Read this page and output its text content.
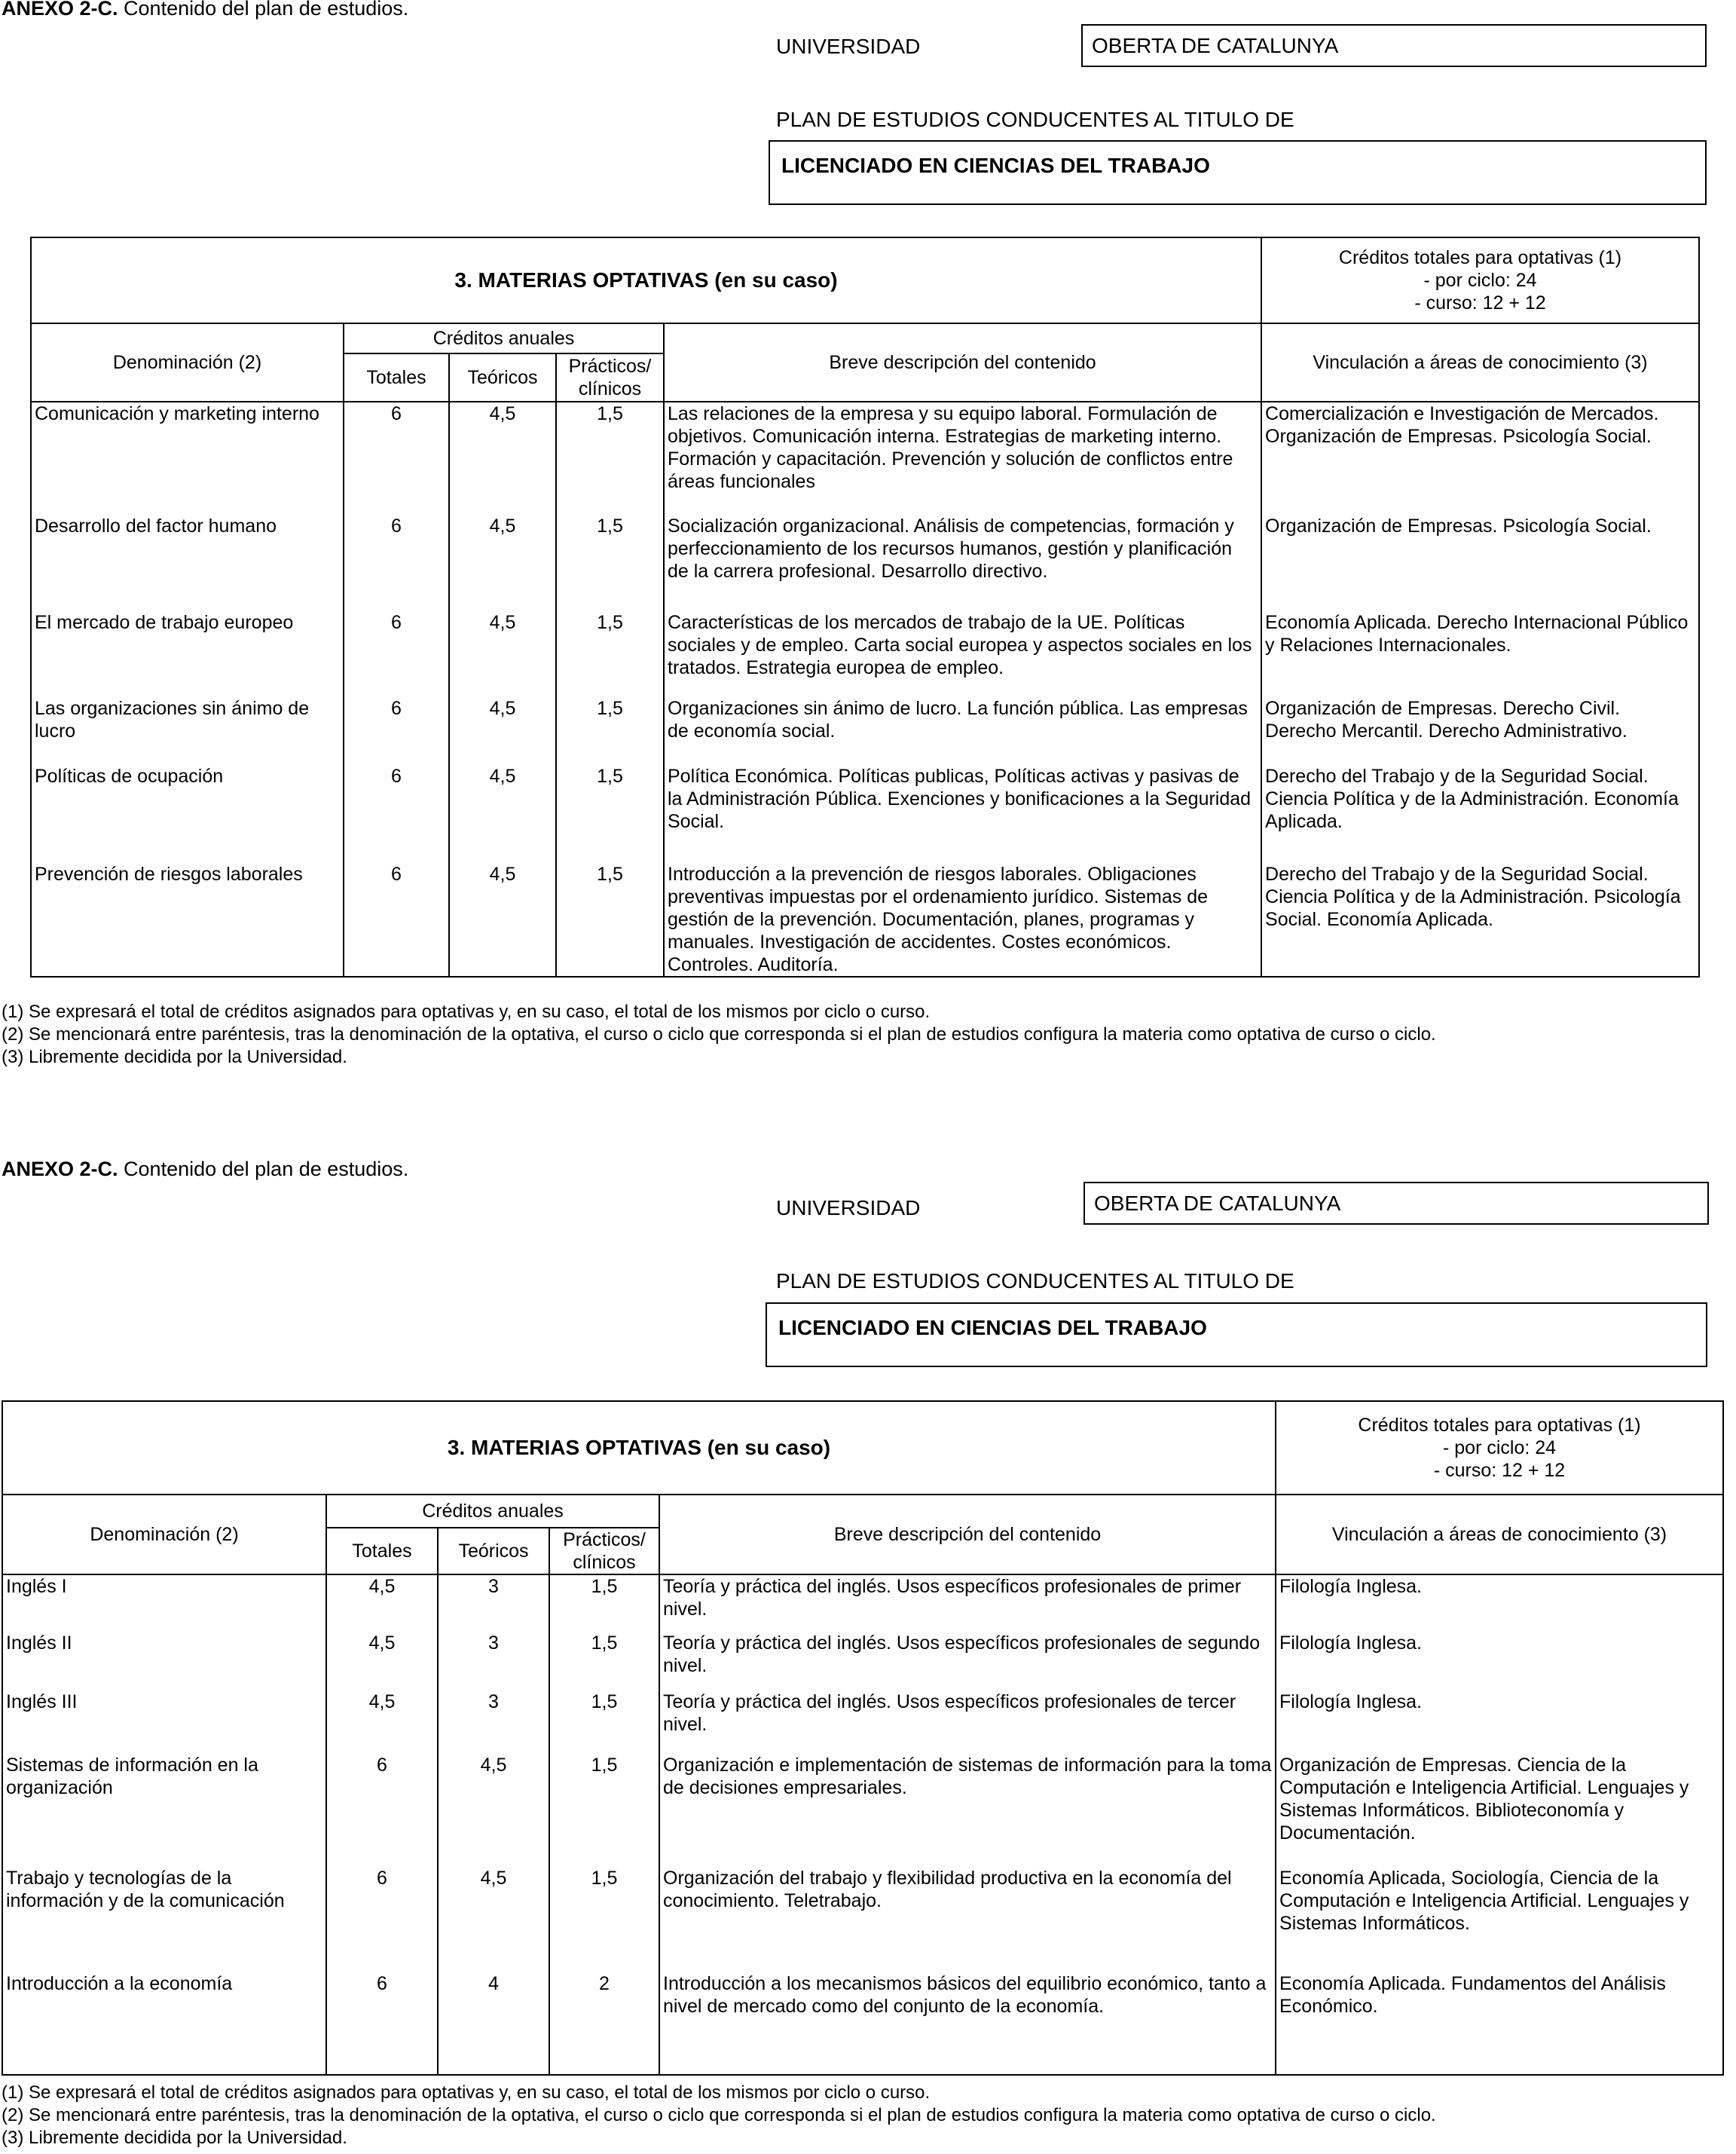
ANEXO 2-C. Contenido del plan de estudios.
UNIVERSIDAD	OBERTA DE CATALUNYA
PLAN DE ESTUDIOS CONDUCENTES AL TITULO DE
LICENCIADO EN CIENCIAS DEL TRABAJO
3. MATERIAS OPTATIVAS (en su caso)					Créditos totales para optativas (1)
- por ciclo: 24
- curso: 12 + 12

Denominación (2)	Créditos anuales			Breve descripción del contenido	Vinculación a áreas de conocimiento (3)
	Totales	Teóricos	Prácticos/ clínicos		
Comunicación y marketing interno	6	4,5	1,5	Las relaciones de la empresa y su equipo laboral. Formulación de objetivos. Comunicación interna. Estrategias de marketing interno. Formación y capacitación. Prevención y solución de conflictos entre áreas funcionales	Comercialización e Investigación de Mercados. Organización de Empresas. Psicología Social.
Desarrollo del factor humano	6	4,5	1,5	Socialización organizacional. Análisis de competencias, formación y perfeccionamiento de los recursos humanos, gestión y planificación de la carrera profesional. Desarrollo directivo.	Organización de Empresas. Psicología Social.
El mercado de trabajo europeo	6	4,5	1,5	Características de los mercados de trabajo de la UE. Políticas sociales y de empleo. Carta social europea y aspectos sociales en los tratados. Estrategia europea de empleo.	Economía Aplicada. Derecho Internacional Público y Relaciones Internacionales.
Las organizaciones sin ánimo de lucro	6	4,5	1,5	Organizaciones sin ánimo de lucro. La función pública. Las empresas de economía social.	Organización de Empresas. Derecho Civil. Derecho Mercantil. Derecho Administrativo.
Políticas de ocupación	6	4,5	1,5	Política Económica. Políticas publicas, Políticas activas y pasivas de la Administración Pública. Exenciones y bonificaciones a la Seguridad Social.	Derecho del Trabajo y de la Seguridad Social. Ciencia Política y de la Administración. Economía Aplicada.
Prevención de riesgos laborales	6	4,5	1,5	Introducción a la prevención de riesgos laborales. Obligaciones preventivas impuestas por el ordenamiento jurídico. Sistemas de gestión de la prevención. Documentación, planes, programas y manuales. Investigación de accidentes. Costes económicos. Controles. Auditoría.	Derecho del Trabajo y de la Seguridad Social. Ciencia Política y de la Administración. Psicología Social. Economía Aplicada.
(1) Se expresará el total de créditos asignados para optativas y, en su caso, el total de los mismos por ciclo o curso.
(2) Se mencionará entre paréntesis, tras la denominación de la optativa, el curso o ciclo que corresponda si el plan de estudios configura la materia como optativa de curso o ciclo.
(3) Libremente decidida por la Universidad.
ANEXO 2-C. Contenido del plan de estudios.
UNIVERSIDAD	OBERTA DE CATALUNYA
PLAN DE ESTUDIOS CONDUCENTES AL TITULO DE
LICENCIADO EN CIENCIAS DEL TRABAJO
3. MATERIAS OPTATIVAS (en su caso)					Créditos totales para optativas (1)
- por ciclo: 24
- curso: 12 + 12

Denominación (2)	Créditos anuales			Breve descripción del contenido	Vinculación a áreas de conocimiento (3)
	Totales	Teóricos	Prácticos/ clínicos		
Inglés I	4,5	3	1,5	Teoría y práctica del inglés. Usos específicos profesionales de primer nivel.	Filología Inglesa.
Inglés II	4,5	3	1,5	Teoría y práctica del inglés. Usos específicos profesionales de segundo nivel.	Filología Inglesa.
Inglés III	4,5	3	1,5	Teoría y práctica del inglés. Usos específicos profesionales de tercer nivel.	Filología Inglesa.
Sistemas de información en la organización	6	4,5	1,5	Organización e implementación de sistemas de información para la toma de decisiones empresariales.	Organización de Empresas. Ciencia de la Computación e Inteligencia Artificial. Lenguajes y Sistemas Informáticos. Biblioteconomía y Documentación.
Trabajo y tecnologías de la información y de la comunicación	6	4,5	1,5	Organización del trabajo y flexibilidad productiva en la economía del conocimiento. Teletrabajo.	Economía Aplicada, Sociología, Ciencia de la Computación e Inteligencia Artificial. Lenguajes y Sistemas Informáticos.
Introducción a la economía	6	4	2	Introducción a los mecanismos básicos del equilibrio económico, tanto a nivel de mercado como del conjunto de la economía.	Economía Aplicada. Fundamentos del Análisis Económico.
(1) Se expresará el total de créditos asignados para optativas y, en su caso, el total de los mismos por ciclo o curso.
(2) Se mencionará entre paréntesis, tras la denominación de la optativa, el curso o ciclo que corresponda si el plan de estudios configura la materia como optativa de curso o ciclo.
(3) Libremente decidida por la Universidad.
